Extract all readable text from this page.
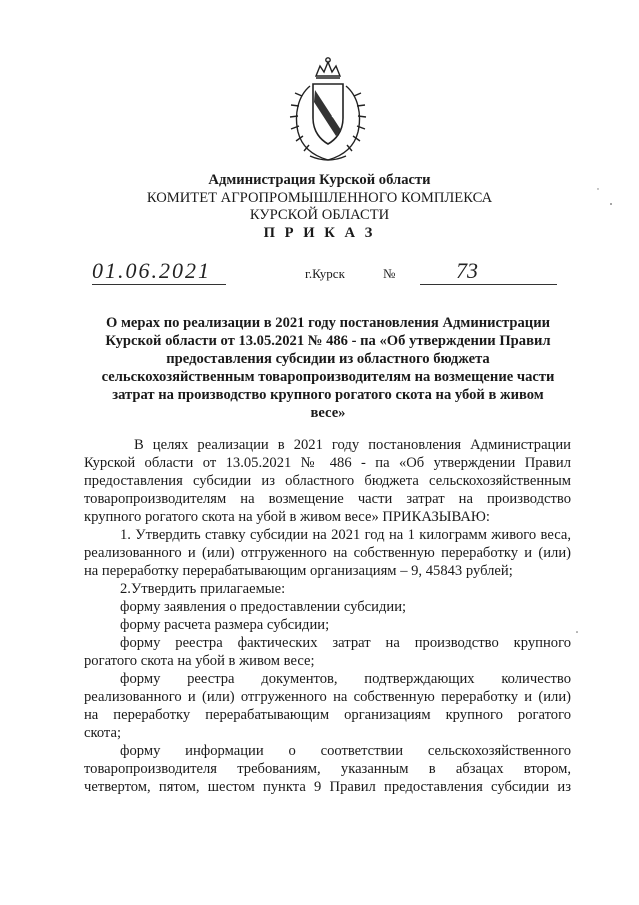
Администрация Курской области
КОМИТЕТ АГРОПРОМЫШЛЕННОГО КОМПЛЕКСА
КУРСКОЙ ОБЛАСТИ
П Р И К А З
01.06.2021	г.Курск	№	73
О мерах по реализации в 2021 году постановления Администрации
Курской области от 13.05.2021 № 486 - па «Об утверждении Правил
предоставления субсидии из областного бюджета
сельскохозяйственным товаропроизводителям на возмещение части
затрат на производство крупного рогатого скота на убой в живом
весе»
В целях реализации в 2021 году постановления Администрации
Курской области от 13.05.2021 № 486 - па «Об утверждении Правил
предоставления субсидии из областного бюджета сельскохозяйственным
товаропроизводителям на возмещение части затрат на производство
крупного рогатого скота на убой в живом весе» ПРИКАЗЫВАЮ:
1. Утвердить ставку субсидии на 2021 год на 1 килограмм живого веса,
реализованного и (или) отгруженного на собственную переработку и (или)
на переработку перерабатывающим организациям – 9, 45843 рублей;
2.Утвердить прилагаемые:
форму заявления о предоставлении субсидии;
форму расчета размера субсидии;
форму реестра фактических затрат на производство крупного
рогатого скота на убой в живом весе;
форму реестра документов, подтверждающих количество
реализованного и (или) отгруженного на собственную переработку и (или)
на переработку перерабатывающим организациям крупного рогатого
скота;
форму информации о соответствии сельскохозяйственного
товаропроизводителя требованиям, указанным в абзацах втором,
четвертом, пятом, шестом пункта 9 Правил предоставления субсидии из
